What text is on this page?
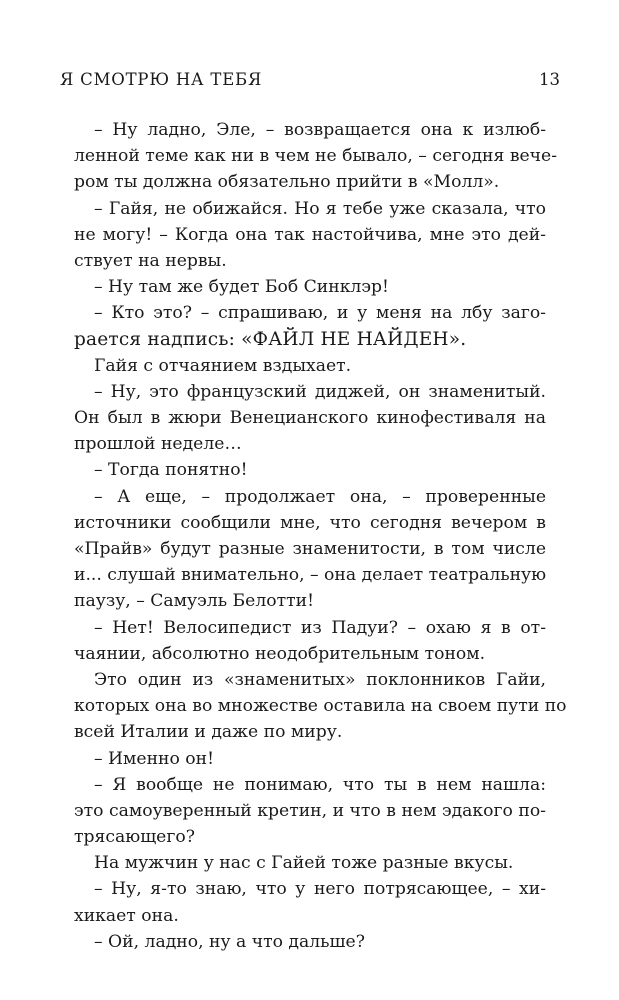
Я СМОТРЮ НА ТЕБЯ	13
– Ну ладно, Эле, – возвращается она к излюб-
ленной теме как ни в чем не бывало, – сегодня вече-
ром ты должна обязательно прийти в «Молл».
– Гайя, не обижайся. Но я тебе уже сказала, что
не могу! – Когда она так настойчива, мне это дей-
ствует на нервы.
– Ну там же будет Боб Синклэр!
– Кто это? – спрашиваю, и у меня на лбу заго-
рается надпись: «ФАЙЛ НЕ НАЙДЕН».
Гайя с отчаянием вздыхает.
– Ну, это французский диджей, он знаменитый.
Он был в жюри Венецианского кинофестиваля на
прошлой неделе…
– Тогда понятно!
– А еще, – продолжает она, – проверенные
источники сообщили мне, что сегодня вечером в
«Прайв» будут разные знаменитости, в том числе
и... слушай внимательно, – она делает театральную
паузу, – Самуэль Белотти!
– Нет! Велосипедист из Падуи? – охаю я в от-
чаянии, абсолютно неодобрительным тоном.
Это один из «знаменитых» поклонников Гайи,
которых она во множестве оставила на своем пути по
всей Италии и даже по миру.
– Именно он!
– Я вообще не понимаю, что ты в нем нашла:
это самоуверенный кретин, и что в нем эдакого по-
трясающего?
На мужчин у нас с Гайей тоже разные вкусы.
– Ну, я-то знаю, что у него потрясающее, – хи-
хикает она.
– Ой, ладно, ну а что дальше?
